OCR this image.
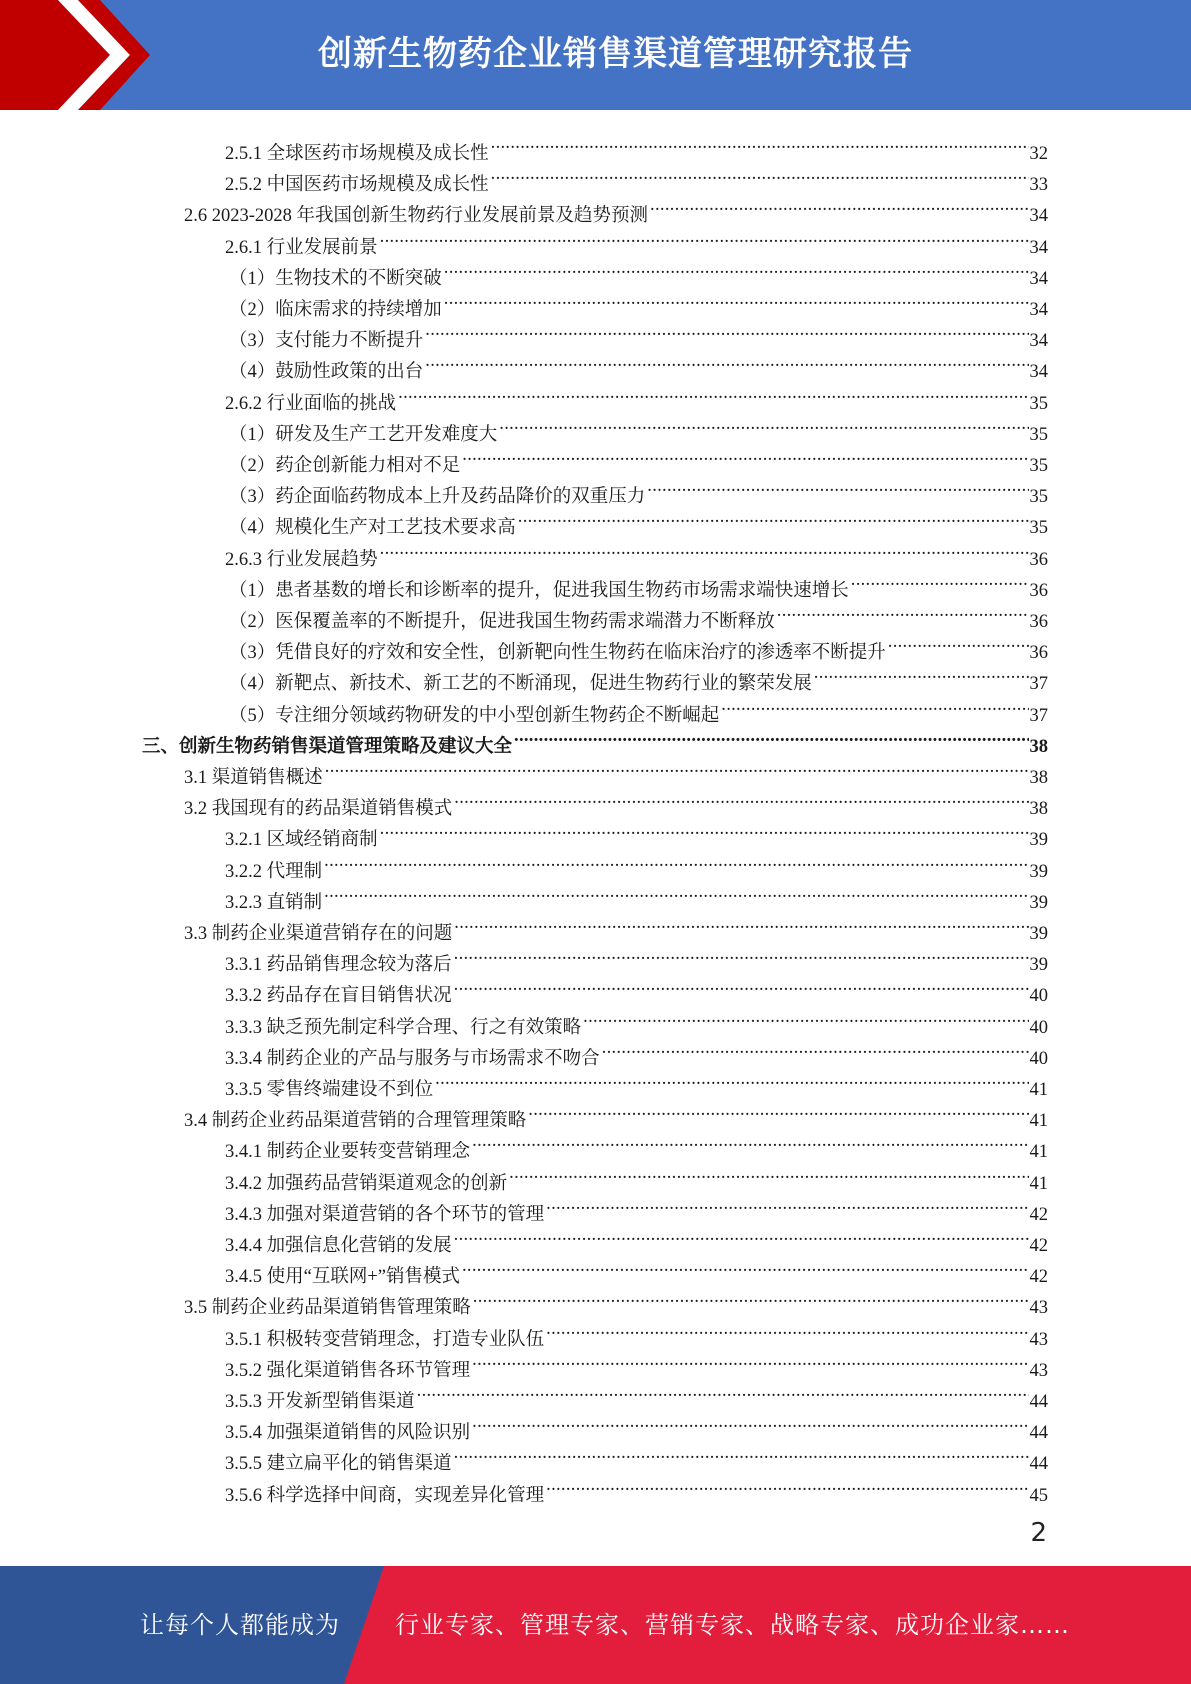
创新生物药企业销售渠道管理研究报告
2.5.1 全球医药市场规模及成长性 .....	32
2.5.2 中国医药市场规模及成长性 .....	33
2.6 2023-2028 年我国创新生物药行业发展前景及趋势预测 .....	34
2.6.1 行业发展前景 .....	34
（1）生物技术的不断突破 .....	34
（2）临床需求的持续增加 .....	34
（3）支付能力不断提升 .....	34
（4）鼓励性政策的出台 .....	34
2.6.2 行业面临的挑战 .....	35
（1）研发及生产工艺开发难度大 .....	35
（2）药企创新能力相对不足 .....	35
（3）药企面临药物成本上升及药品降价的双重压力 .....	35
（4）规模化生产对工艺技术要求高 .....	35
2.6.3 行业发展趋势 .....	36
（1）患者基数的增长和诊断率的提升，促进我国生物药市场需求端快速增长 .....	36
（2）医保覆盖率的不断提升，促进我国生物药需求端潜力不断释放 .....	36
（3）凭借良好的疗效和安全性，创新靶向性生物药在临床治疗的渗透率不断提升 .....	36
（4）新靶点、新技术、新工艺的不断涌现，促进生物药行业的繁荣发展 .....	37
（5）专注细分领域药物研发的中小型创新生物药企不断崛起 .....	37
三、创新生物药销售渠道管理策略及建议大全 .....	38
3.1 渠道销售概述 .....	38
3.2 我国现有的药品渠道销售模式 .....	38
3.2.1 区域经销商制 .....	39
3.2.2 代理制 .....	39
3.2.3 直销制 .....	39
3.3 制药企业渠道营销存在的问题 .....	39
3.3.1 药品销售理念较为落后 .....	39
3.3.2 药品存在盲目销售状况 .....	40
3.3.3 缺乏预先制定科学合理、行之有效策略 .....	40
3.3.4 制药企业的产品与服务与市场需求不吻合 .....	40
3.3.5 零售终端建设不到位 .....	41
3.4 制药企业药品渠道营销的合理管理策略 .....	41
3.4.1 制药企业要转变营销理念 .....	41
3.4.2 加强药品营销渠道观念的创新 .....	41
3.4.3 加强对渠道营销的各个环节的管理 .....	42
3.4.4 加强信息化营销的发展 .....	42
3.4.5 使用“互联网+”销售模式 .....	42
3.5 制药企业药品渠道销售管理策略 .....	43
3.5.1 积极转变营销理念，打造专业队伍 .....	43
3.5.2 强化渠道销售各环节管理 .....	43
3.5.3 开发新型销售渠道 .....	44
3.5.4 加强渠道销售的风险识别 .....	44
3.5.5 建立扁平化的销售渠道 .....	44
3.5.6 科学选择中间商，实现差异化管理 .....	45
2
让每个人都能成为 行业专家、管理专家、营销专家、战略专家、成功企业家……
